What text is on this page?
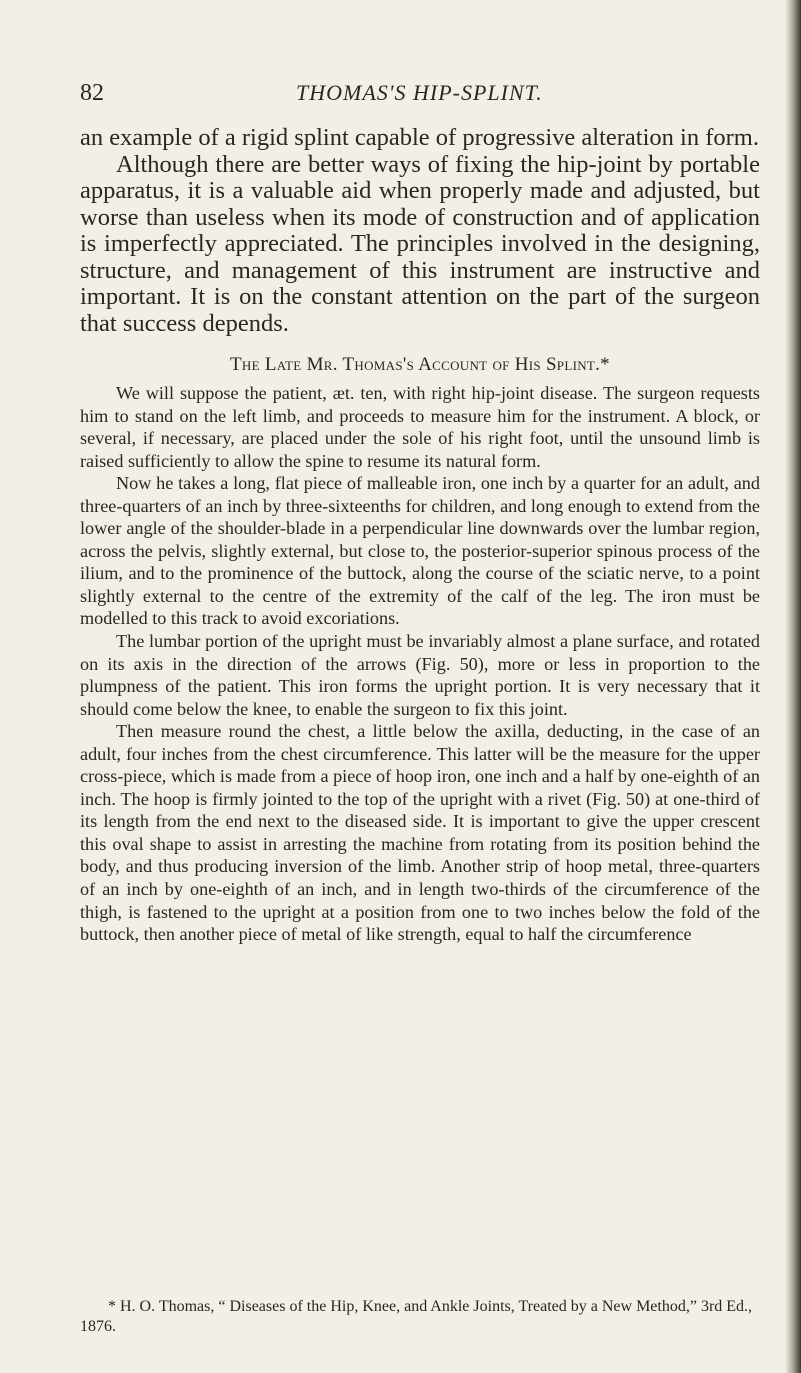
82	THOMAS'S HIP-SPLINT.

an example of a rigid splint capable of progressive alteration in form.

Although there are better ways of fixing the hip-joint by portable apparatus, it is a valuable aid when properly made and adjusted, but worse than useless when its mode of construction and of application is imperfectly appreciated. The principles involved in the designing, structure, and management of this instrument are instructive and important. It is on the constant attention on the part of the surgeon that success depends.

The Late Mr. Thomas's Account of His Splint.*

We will suppose the patient, æt. ten, with right hip-joint disease. The surgeon requests him to stand on the left limb, and proceeds to measure him for the instrument. A block, or several, if necessary, are placed under the sole of his right foot, until the unsound limb is raised sufficiently to allow the spine to resume its natural form.

Now he takes a long, flat piece of malleable iron, one inch by a quarter for an adult, and three-quarters of an inch by three-sixteenths for children, and long enough to extend from the lower angle of the shoulder-blade in a perpendicular line downwards over the lumbar region, across the pelvis, slightly external, but close to, the posterior-superior spinous process of the ilium, and to the prominence of the buttock, along the course of the sciatic nerve, to a point slightly external to the centre of the extremity of the calf of the leg. The iron must be modelled to this track to avoid excoriations.

The lumbar portion of the upright must be invariably almost a plane surface, and rotated on its axis in the direction of the arrows (Fig. 50), more or less in proportion to the plumpness of the patient. This iron forms the upright portion. It is very necessary that it should come below the knee, to enable the surgeon to fix this joint.

Then measure round the chest, a little below the axilla, deducting, in the case of an adult, four inches from the chest circumference. This latter will be the measure for the upper cross-piece, which is made from a piece of hoop iron, one inch and a half by one-eighth of an inch. The hoop is firmly jointed to the top of the upright with a rivet (Fig. 50) at one-third of its length from the end next to the diseased side. It is important to give the upper crescent this oval shape to assist in arresting the machine from rotating from its position behind the body, and thus producing inversion of the limb. Another strip of hoop metal, three-quarters of an inch by one-eighth of an inch, and in length two-thirds of the circumference of the thigh, is fastened to the upright at a position from one to two inches below the fold of the buttock, then another piece of metal of like strength, equal to half the circumference

* H. O. Thomas, “ Diseases of the Hip, Knee, and Ankle Joints, Treated by a New Method,” 3rd Ed., 1876.
